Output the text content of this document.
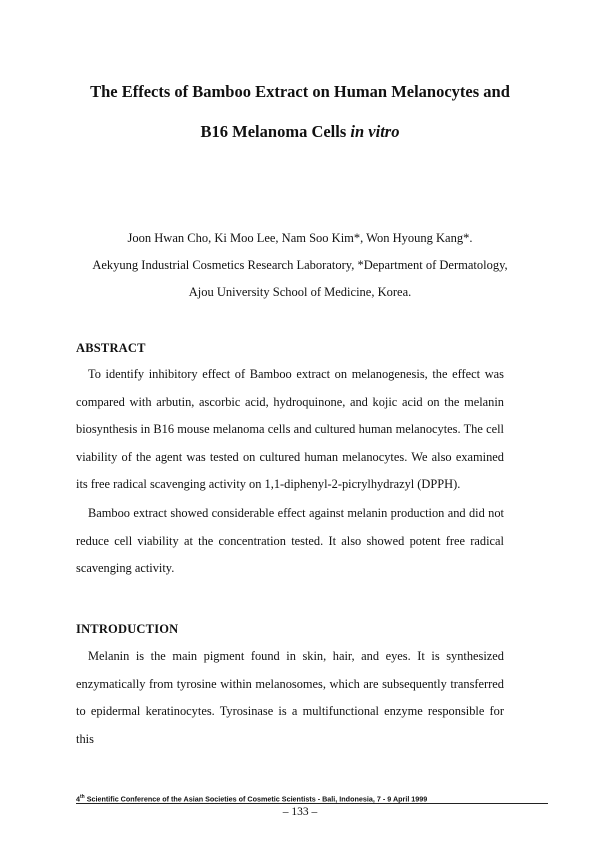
The Effects of Bamboo Extract on Human Melanocytes and
B16 Melanoma Cells in vitro

Joon Hwan Cho, Ki Moo Lee, Nam Soo Kim*, Won Hyoung Kang*.

Aekyung Industrial Cosmetics Research Laboratory, *Department of Dermatology,

Ajou University School of Medicine, Korea.

ABSTRACT

To identify inhibitory effect of Bamboo extract on melanogenesis, the effect was compared with arbutin, ascorbic acid, hydroquinone, and kojic acid on the melanin biosynthesis in B16 mouse melanoma cells and cultured human melanocytes. The cell viability of the agent was tested on cultured human melanocytes. We also examined its free radical scavenging activity on 1,1-diphenyl-2-picrylhydrazyl (DPPH).

Bamboo extract showed considerable effect against melanin production and did not reduce cell viability at the concentration tested. It also showed potent free radical scavenging activity.

INTRODUCTION

Melanin is the main pigment found in skin, hair, and eyes. It is synthesized enzymatically from tyrosine within melanosomes, which are subsequently transferred to epidermal keratinocytes. Tyrosinase is a multifunctional enzyme responsible for this

4th Scientific Conference of the Asian Societies of Cosmetic Scientists - Bali, Indonesia, 7 - 9 April 1999

– 133 –
